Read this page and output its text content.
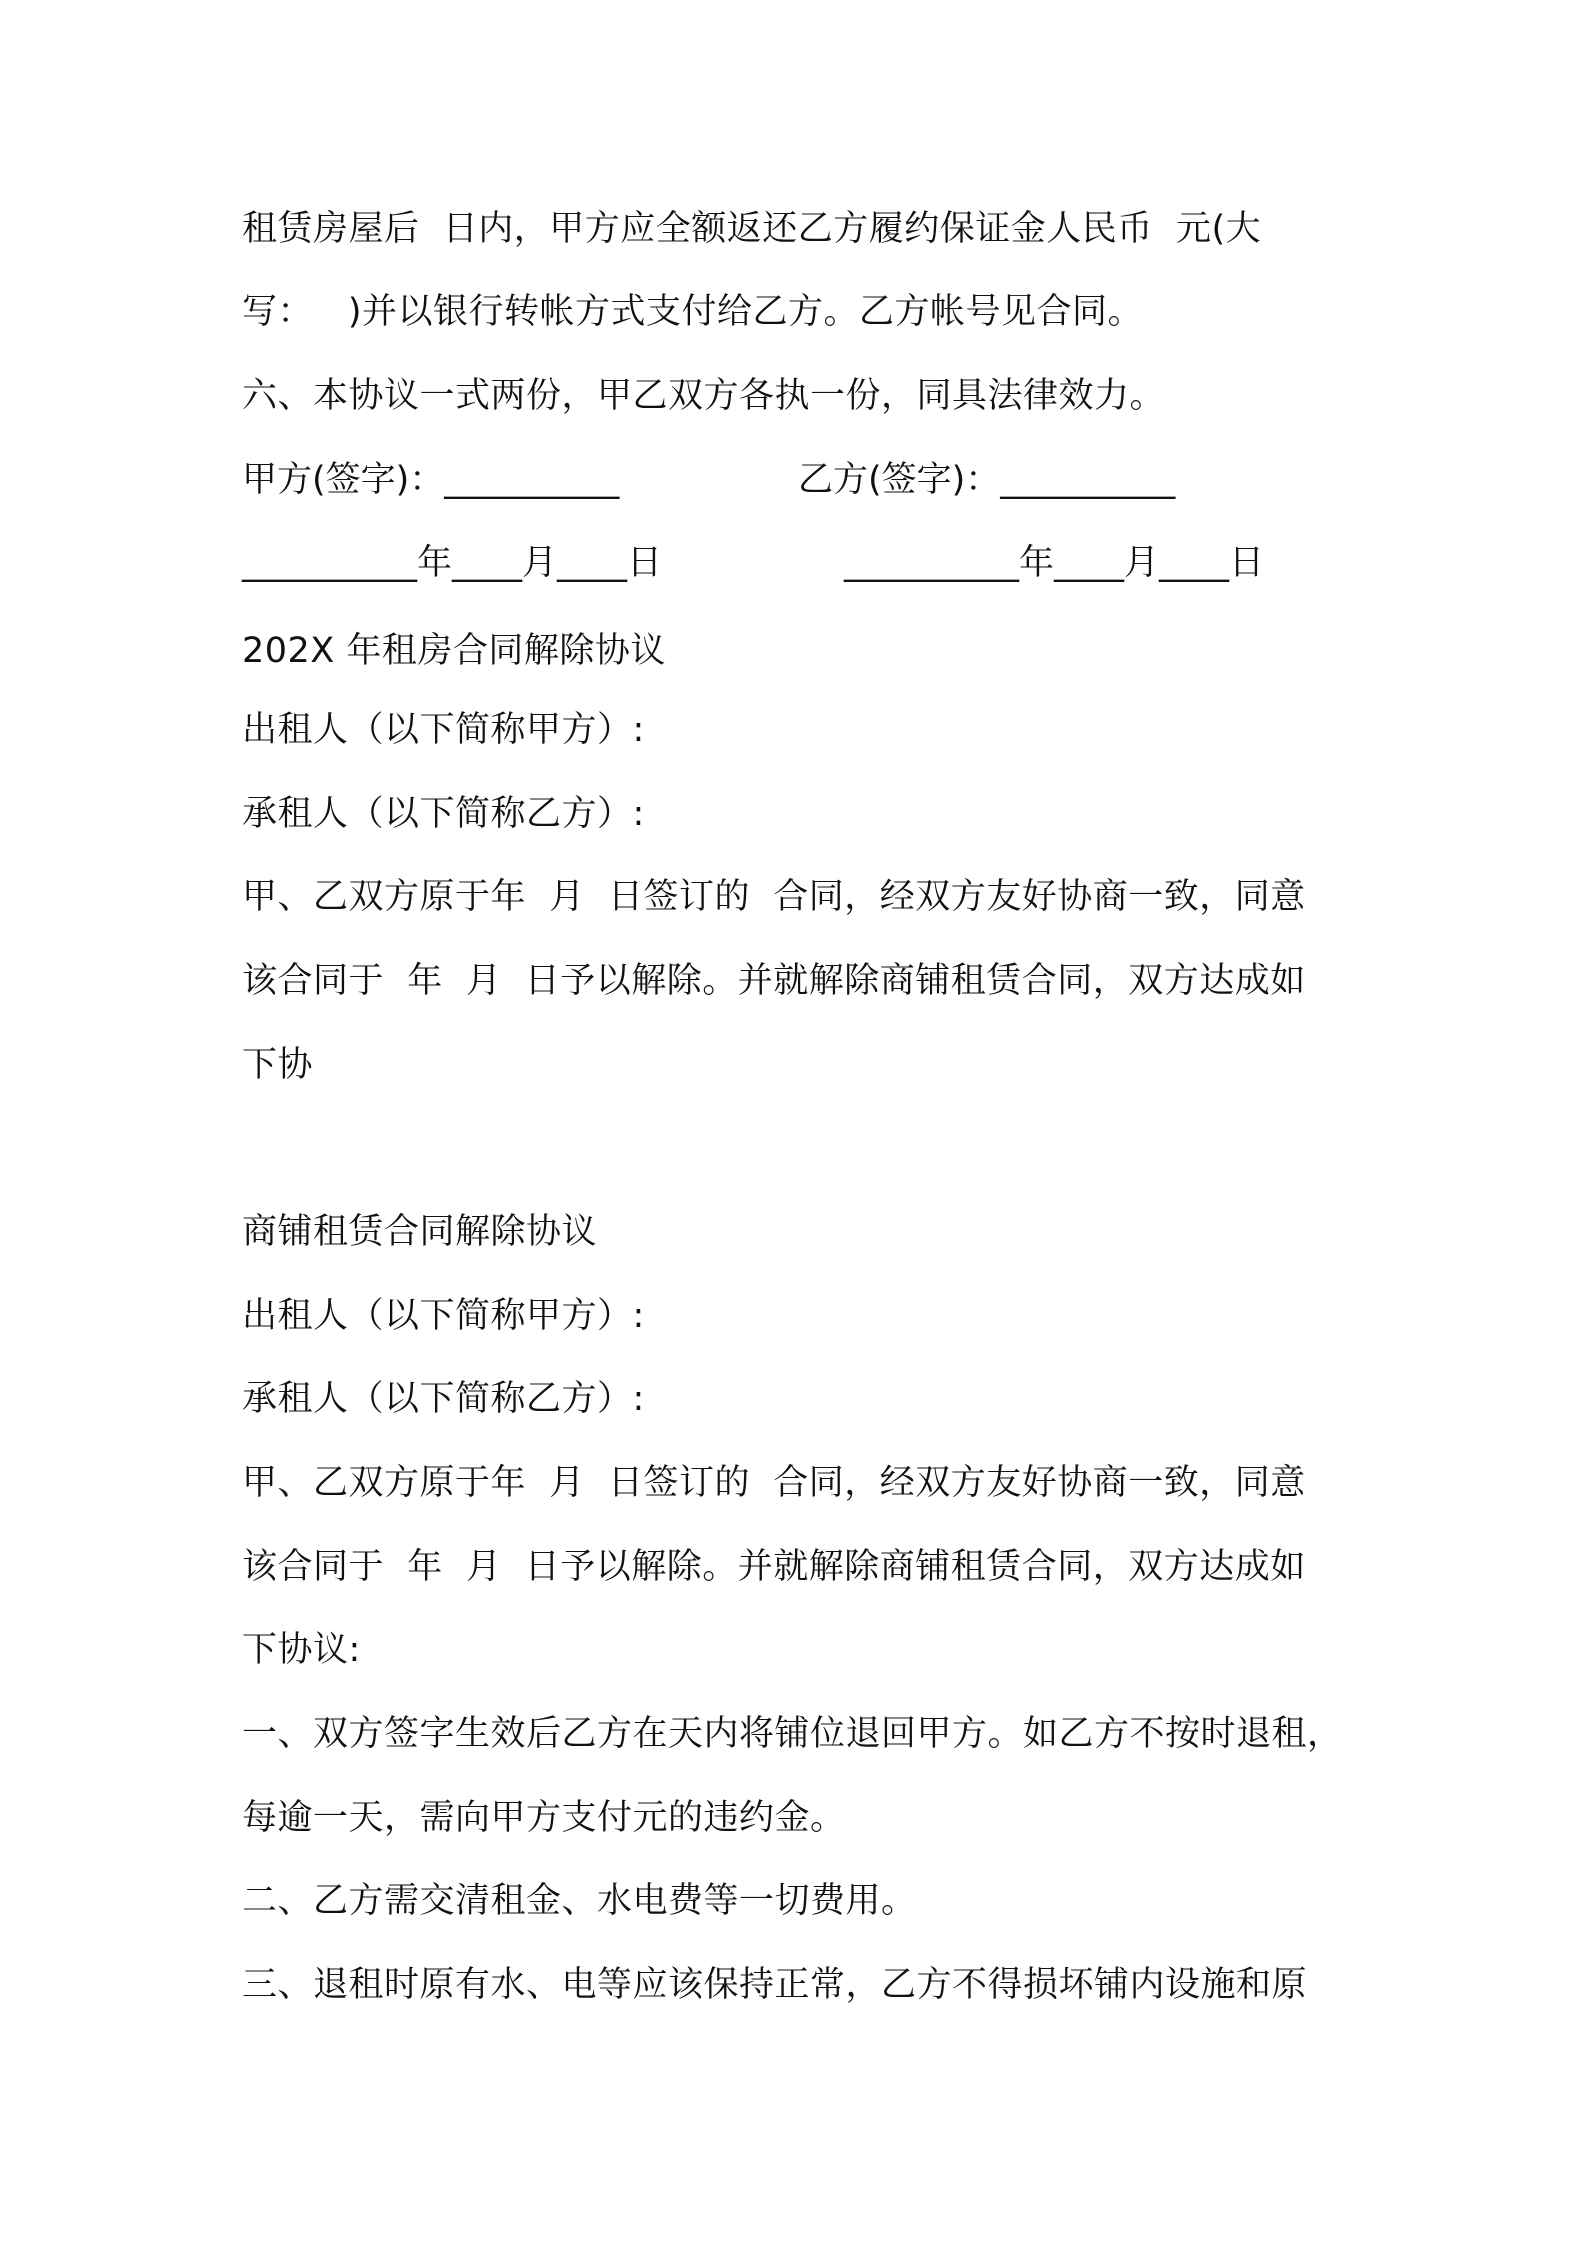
租赁房屋后  日内，甲方应全额返还乙方履约保证金人民币  元(大
写：   )并以银行转帐方式支付给乙方。乙方帐号见合同。
六、本协议一式两份，甲乙双方各执一份，同具法律效力。

甲方(签字)：__________

	乙方(签字)：__________

__________年____月____日

	__________年____月____日

202X 年租房合同解除协议
出租人（以下简称甲方）:
承租人（以下简称乙方）:
甲、乙双方原于年  月  日签订的  合同，经双方友好协商一致，同意
该合同于  年  月  日予以解除。并就解除商铺租赁合同，双方达成如
下协
商铺租赁合同解除协议
出租人（以下简称甲方）:
承租人（以下简称乙方）:
甲、乙双方原于年  月  日签订的  合同，经双方友好协商一致，同意
该合同于  年  月  日予以解除。并就解除商铺租赁合同，双方达成如
下协议:
一、双方签字生效后乙方在天内将铺位退回甲方。如乙方不按时退租，
每逾一天，需向甲方支付元的违约金。
二、乙方需交清租金、水电费等一切费用。
三、退租时原有水、电等应该保持正常，乙方不得损坏铺内设施和原
